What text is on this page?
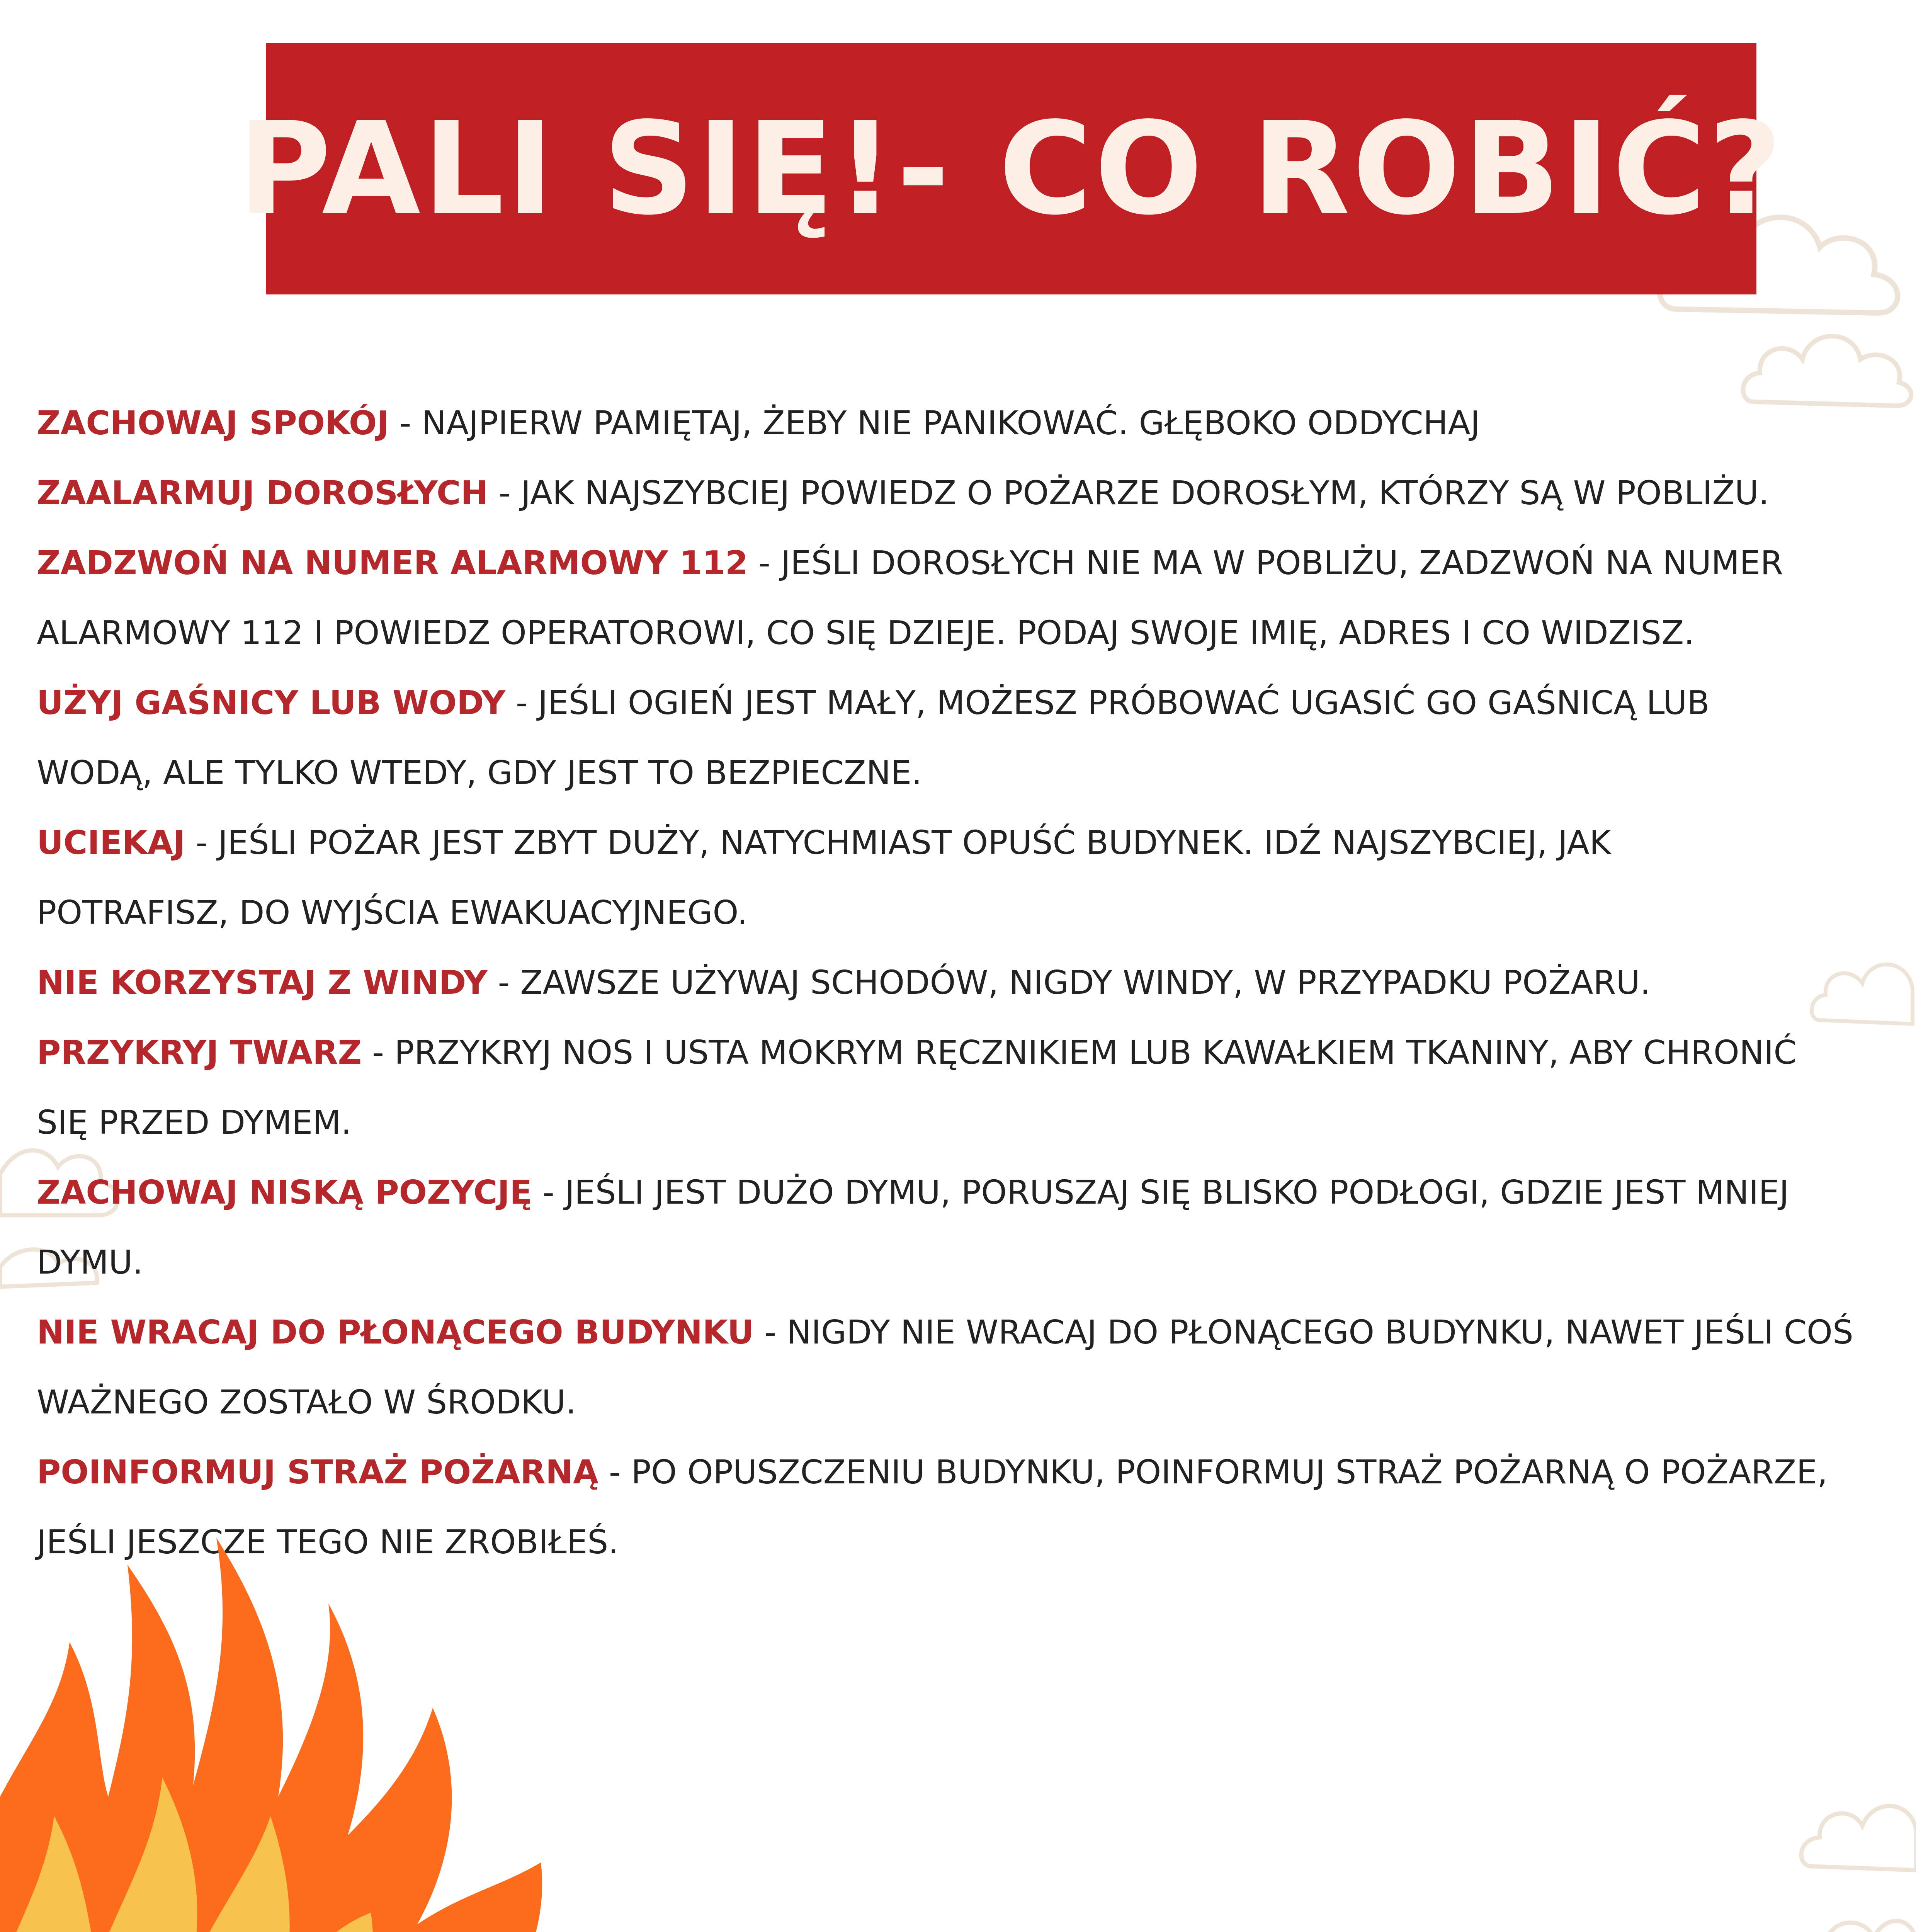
PALI SIĘ!- CO ROBIĆ?
ZACHOWAJ SPOKÓJ - NAJPIERW PAMIĘTAJ, ŻEBY NIE PANIKOWAĆ. GŁĘBOKO ODDYCHAJ
ZAALARMUJ DOROSŁYCH - JAK NAJSZYBCIEJ POWIEDZ O POŻARZE DOROSŁYM, KTÓRZY SĄ W POBLIŻU.
ZADZWOŃ NA NUMER ALARMOWY 112 - JEŚLI DOROSŁYCH NIE MA W POBLIŻU, ZADZWOŃ NA NUMER
ALARMOWY 112 I POWIEDZ OPERATOROWI, CO SIĘ DZIEJE. PODAJ SWOJE IMIĘ, ADRES I CO WIDZISZ.
UŻYJ GAŚNICY LUB WODY - JEŚLI OGIEŃ JEST MAŁY, MOŻESZ PRÓBOWAĆ UGASIĆ GO GAŚNICĄ LUB
WODĄ, ALE TYLKO WTEDY, GDY JEST TO BEZPIECZNE.
UCIEKAJ - JEŚLI POŻAR JEST ZBYT DUŻY, NATYCHMIAST OPUŚĆ BUDYNEK. IDŹ NAJSZYBCIEJ, JAK
POTRAFISZ, DO WYJŚCIA EWAKUACYJNEGO.
NIE KORZYSTAJ Z WINDY - ZAWSZE UŻYWAJ SCHODÓW, NIGDY WINDY, W PRZYPADKU POŻARU.
PRZYKRYJ TWARZ - PRZYKRYJ NOS I USTA MOKRYM RĘCZNIKIEM LUB KAWAŁKIEM TKANINY, ABY CHRONIĆ
SIĘ PRZED DYMEM.
ZACHOWAJ NISKĄ POZYCJĘ - JEŚLI JEST DUŻO DYMU, PORUSZAJ SIĘ BLISKO PODŁOGI, GDZIE JEST MNIEJ
DYMU.
NIE WRACAJ DO PŁONĄCEGO BUDYNKU - NIGDY NIE WRACAJ DO PŁONĄCEGO BUDYNKU, NAWET JEŚLI COŚ
WAŻNEGO ZOSTAŁO W ŚRODKU.
POINFORMUJ STRAŻ POŻARNĄ - PO OPUSZCZENIU BUDYNKU, POINFORMUJ STRAŻ POŻARNĄ O POŻARZE,
JEŚLI JESZCZE TEGO NIE ZROBIŁEŚ.
